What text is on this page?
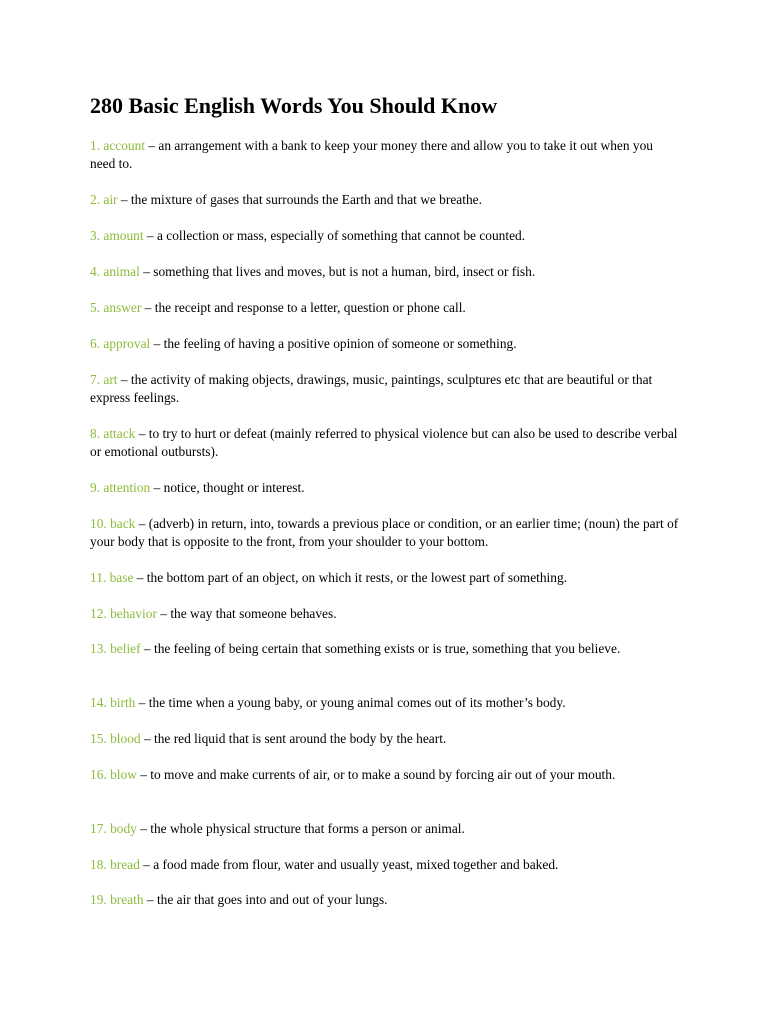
280 Basic English Words You Should Know

1. account – an arrangement with a bank to keep your money there and allow you to take it out when you need to.

2. air – the mixture of gases that surrounds the Earth and that we breathe.

3. amount – a collection or mass, especially of something that cannot be counted.

4. animal – something that lives and moves, but is not a human, bird, insect or fish.

5. answer – the receipt and response to a letter, question or phone call.

6. approval – the feeling of having a positive opinion of someone or something.

7. art – the activity of making objects, drawings, music, paintings, sculptures etc that are beautiful or that express feelings.

8. attack – to try to hurt or defeat (mainly referred to physical violence but can also be used to describe verbal or emotional outbursts).

9. attention – notice, thought or interest.

10. back – (adverb) in return, into, towards a previous place or condition, or an earlier time; (noun) the part of your body that is opposite to the front, from your shoulder to your bottom.

11. base – the bottom part of an object, on which it rests, or the lowest part of something.

12. behavior – the way that someone behaves.

13. belief – the feeling of being certain that something exists or is true, something that you believe.

14. birth – the time when a young baby, or young animal comes out of its mother’s body.

15. blood – the red liquid that is sent around the body by the heart.

16. blow – to move and make currents of air, or to make a sound by forcing air out of your mouth.

17. body – the whole physical structure that forms a person or animal.

18. bread – a food made from flour, water and usually yeast, mixed together and baked.

19. breath – the air that goes into and out of your lungs.
